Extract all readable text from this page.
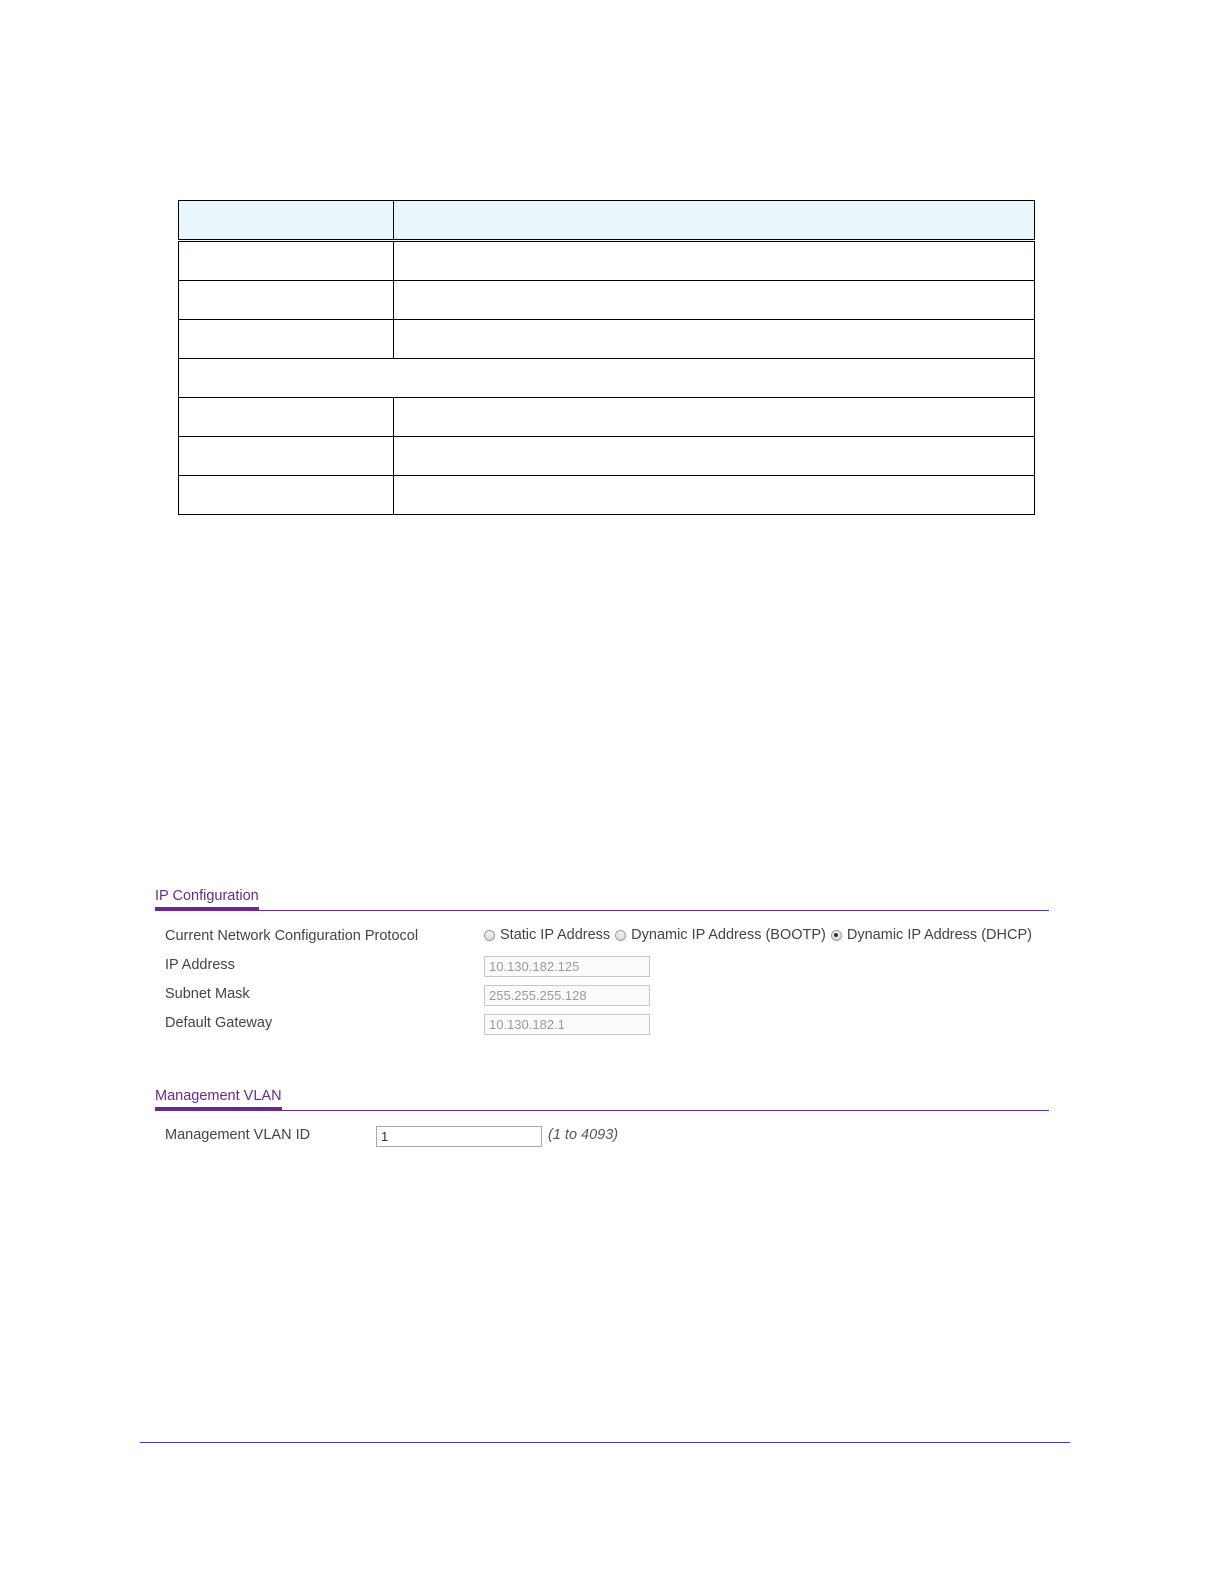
IP Configuration
Current Network Configuration Protocol	Static IP Address Dynamic IP Address (BOOTP) Dynamic IP Address (DHCP)
IP Address	10.130.182.125
Subnet Mask	255.255.255.128
Default Gateway	10.130.182.1
Management VLAN
Management VLAN ID	1	(1 to 4093)
